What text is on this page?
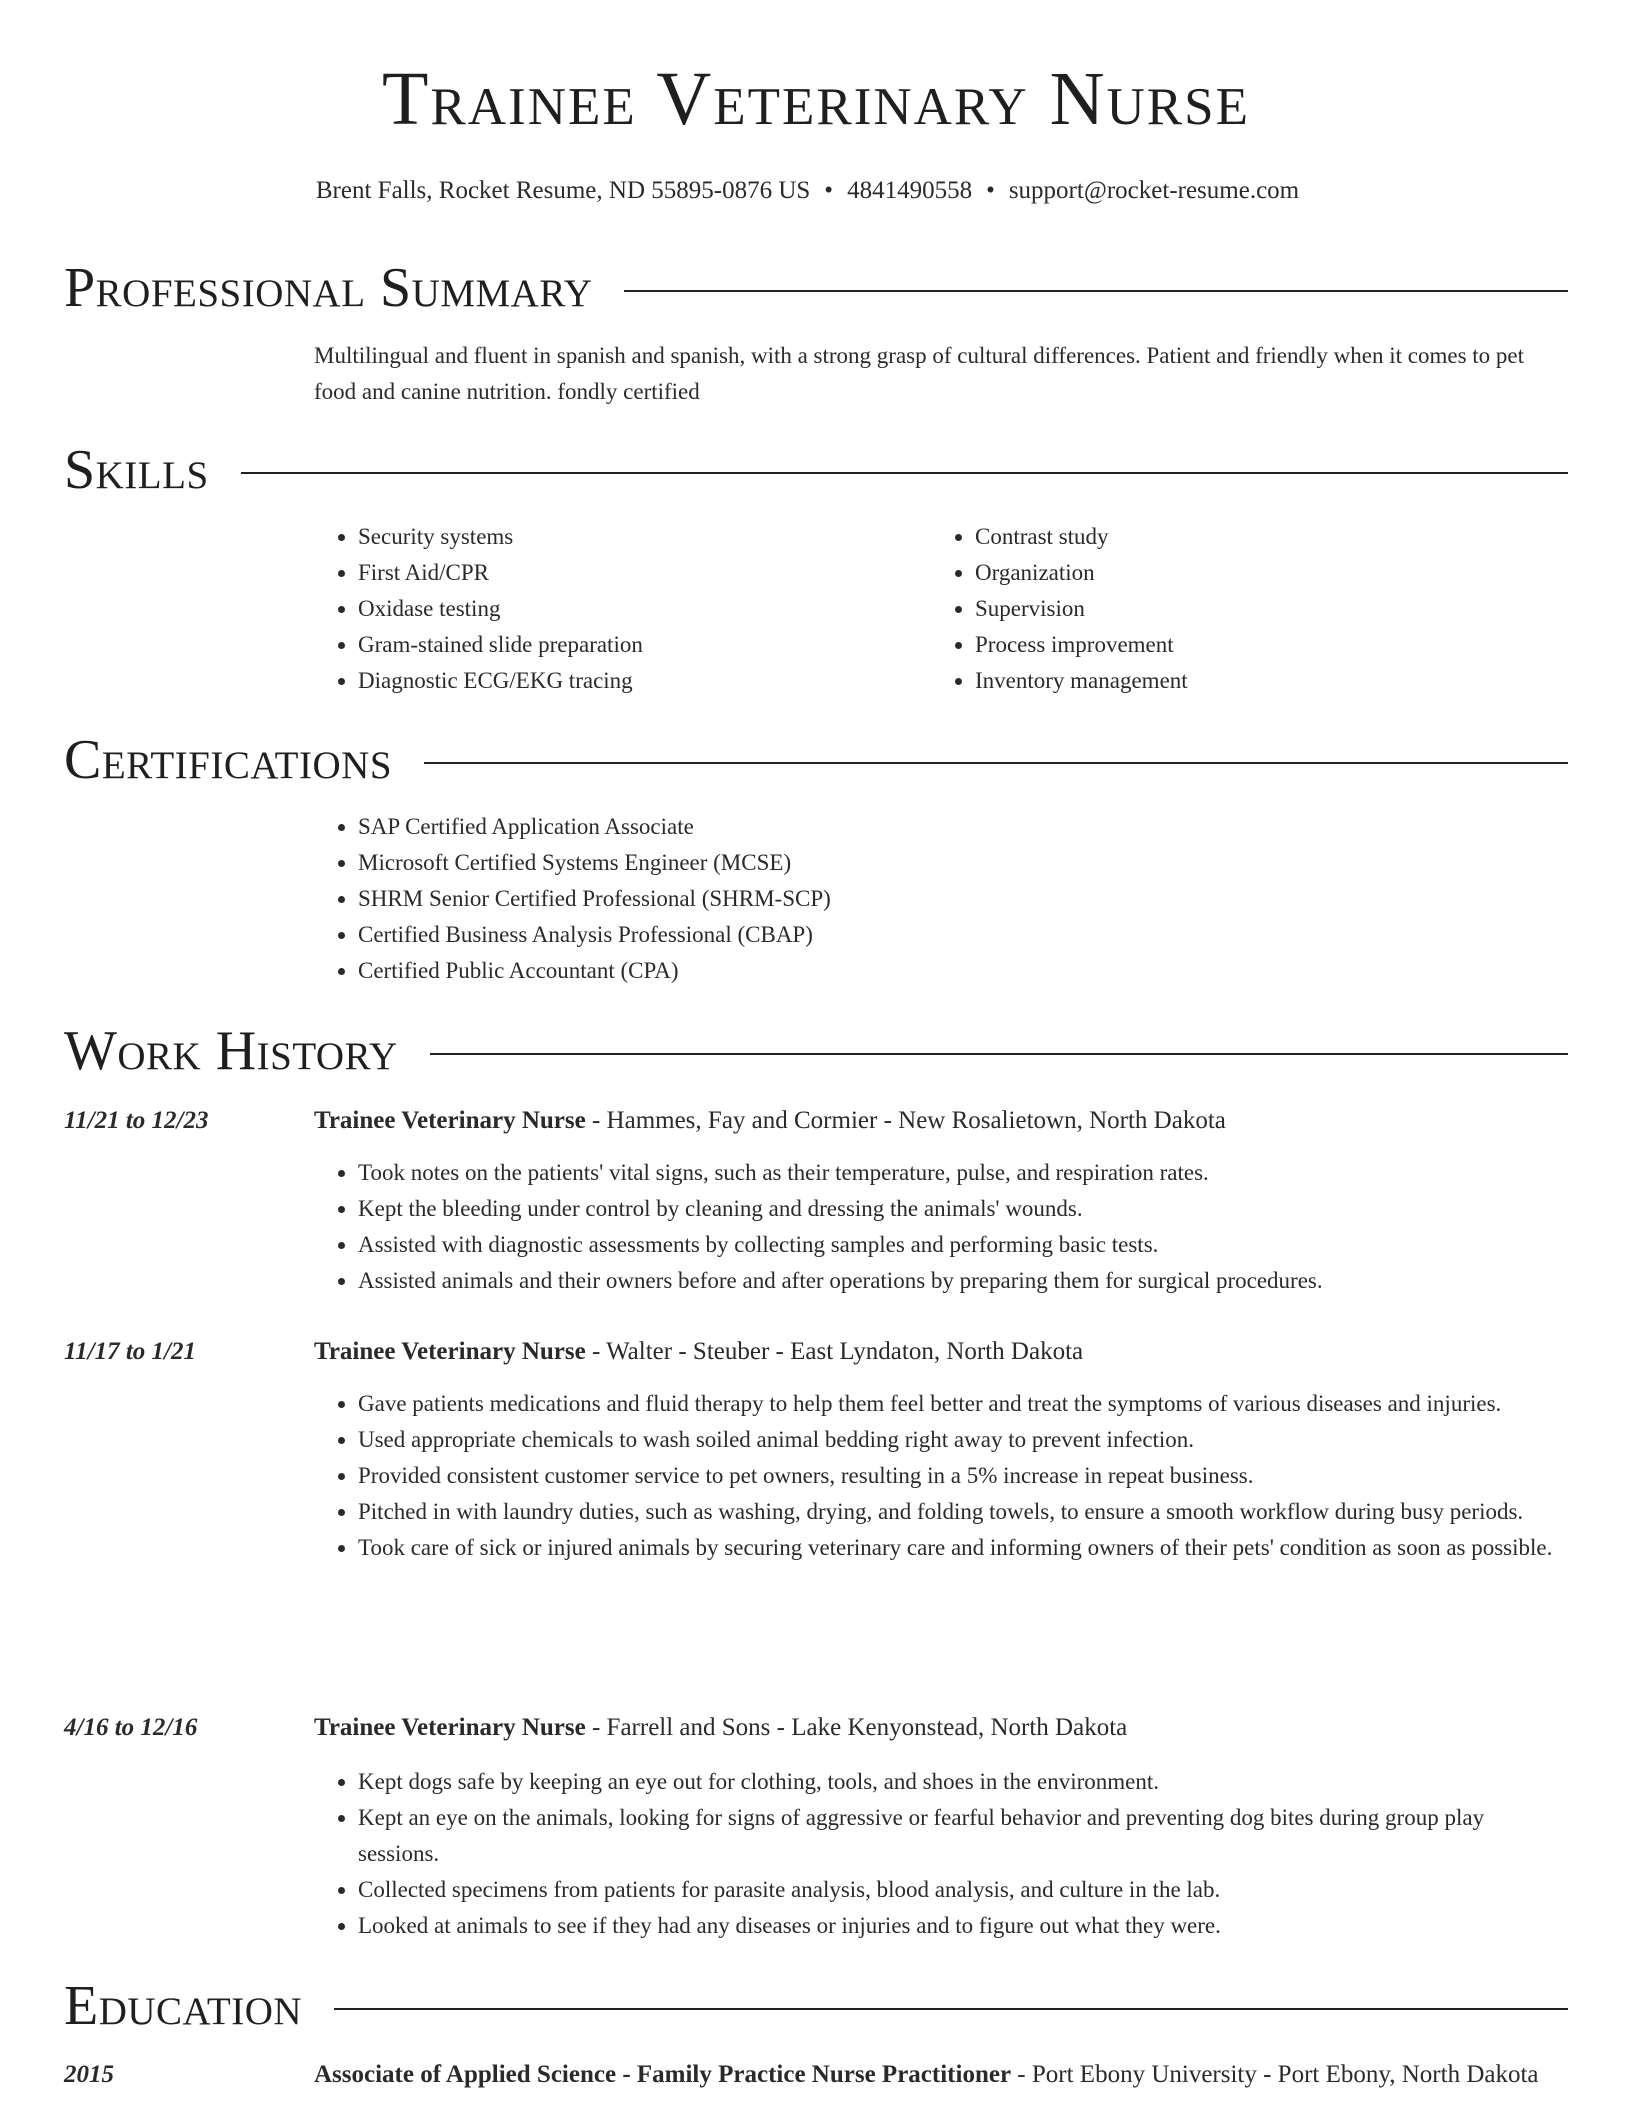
Trainee Veterinary Nurse
Brent Falls, Rocket Resume, ND 55895-0876 US • 4841490558 • support@rocket-resume.com
Professional Summary
Multilingual and fluent in spanish and spanish, with a strong grasp of cultural differences. Patient and friendly when it comes to pet food and canine nutrition. fondly certified
Skills
• Security systems
• First Aid/CPR
• Oxidase testing
• Gram-stained slide preparation
• Diagnostic ECG/EKG tracing
• Contrast study
• Organization
• Supervision
• Process improvement
• Inventory management
Certifications
• SAP Certified Application Associate
• Microsoft Certified Systems Engineer (MCSE)
• SHRM Senior Certified Professional (SHRM-SCP)
• Certified Business Analysis Professional (CBAP)
• Certified Public Accountant (CPA)
Work History
11/21 to 12/23	Trainee Veterinary Nurse - Hammes, Fay and Cormier - New Rosalietown, North Dakota
• Took notes on the patients' vital signs, such as their temperature, pulse, and respiration rates.
• Kept the bleeding under control by cleaning and dressing the animals' wounds.
• Assisted with diagnostic assessments by collecting samples and performing basic tests.
• Assisted animals and their owners before and after operations by preparing them for surgical procedures.
11/17 to 1/21	Trainee Veterinary Nurse - Walter - Steuber - East Lyndaton, North Dakota
• Gave patients medications and fluid therapy to help them feel better and treat the symptoms of various diseases and injuries.
• Used appropriate chemicals to wash soiled animal bedding right away to prevent infection.
• Provided consistent customer service to pet owners, resulting in a 5% increase in repeat business.
• Pitched in with laundry duties, such as washing, drying, and folding towels, to ensure a smooth workflow during busy periods.
• Took care of sick or injured animals by securing veterinary care and informing owners of their pets' condition as soon as possible.
4/16 to 12/16	Trainee Veterinary Nurse - Farrell and Sons - Lake Kenyonstead, North Dakota
• Kept dogs safe by keeping an eye out for clothing, tools, and shoes in the environment.
• Kept an eye on the animals, looking for signs of aggressive or fearful behavior and preventing dog bites during group play sessions.
• Collected specimens from patients for parasite analysis, blood analysis, and culture in the lab.
• Looked at animals to see if they had any diseases or injuries and to figure out what they were.
Education
2015	Associate of Applied Science - Family Practice Nurse Practitioner - Port Ebony University - Port Ebony, North Dakota
